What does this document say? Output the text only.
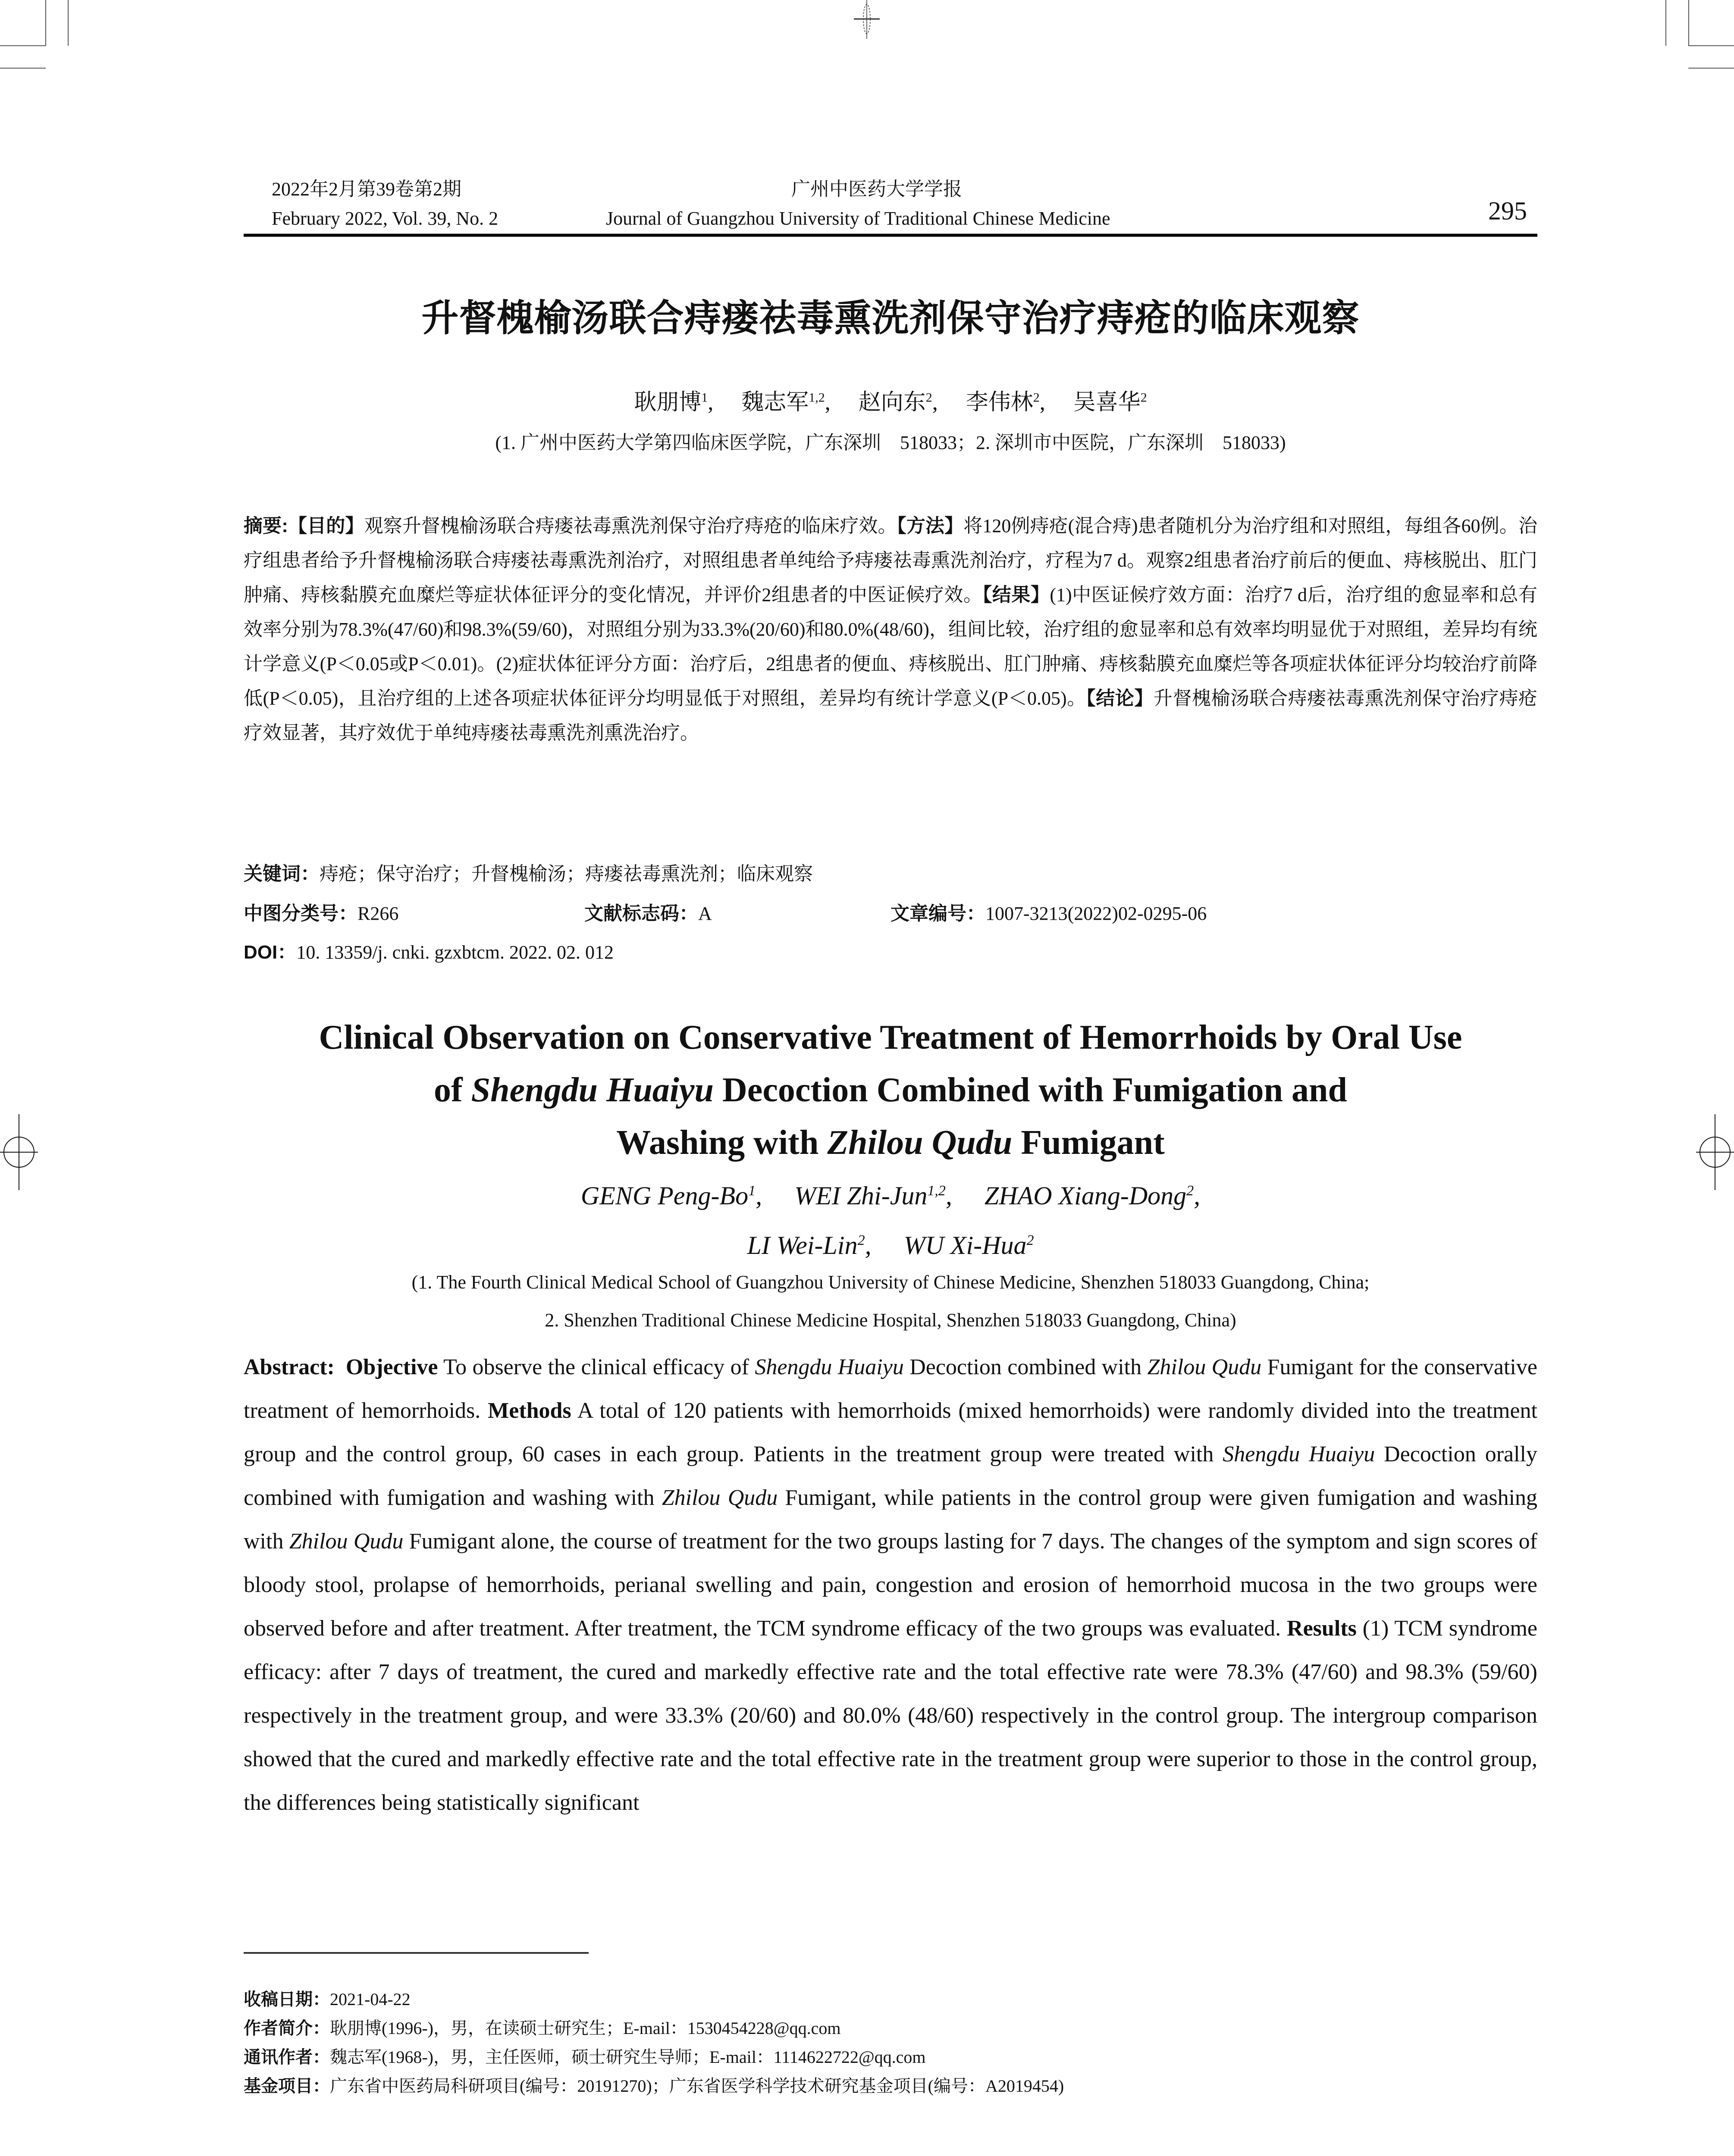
2022年2月第39卷第2期
February 2022, Vol. 39, No. 2
广州中医药大学学报
Journal of Guangzhou University of Traditional Chinese Medicine	295
升督槐榆汤联合痔瘘祛毒熏洗剂保守治疗痔疮的临床观察
耿朋博$^1$,  魏志军$^{1,2}$,  赵向东$^2$,  李伟林$^2$,  吴喜华$^2$
(1. 广州中医药大学第四临床医学院，广东深圳　518033；2. 深圳市中医院，广东深圳　518033)
摘要:【目的】观察升督槐榆汤联合痔瘘祛毒熏洗剂保守治疗痔疮的临床疗效。【方法】将120例痔疮(混合痔)患者随机分为治疗组和对照组，每组各60例。治疗组患者给予升督槐榆汤联合痔瘘祛毒熏洗剂治疗，对照组患者单纯给予痔瘘祛毒熏洗剂治疗，疗程为7 d。观察2组患者治疗前后的便血、痔核脱出、肛门肿痛、痔核黏膜充血糜烂等症状体征评分的变化情况，并评价2组患者的中医证候疗效。【结果】(1)中医证候疗效方面：治疗7 d后，治疗组的愈显率和总有效率分别为78.3%(47/60)和98.3%(59/60)，对照组分别为33.3%(20/60)和80.0%(48/60)，组间比较，治疗组的愈显率和总有效率均明显优于对照组，差异均有统计学意义(P＜0.05或P＜0.01)。(2)症状体征评分方面：治疗后，2组患者的便血、痔核脱出、肛门肿痛、痔核黏膜充血糜烂等各项症状体征评分均较治疗前降低(P＜0.05)，且治疗组的上述各项症状体征评分均明显低于对照组，差异均有统计学意义(P＜0.05)。【结论】升督槐榆汤联合痔瘘祛毒熏洗剂保守治疗痔疮疗效显著，其疗效优于单纯痔瘘祛毒熏洗剂熏洗治疗。
关键词：痔疮；保守治疗；升督槐榆汤；痔瘘祛毒熏洗剂；临床观察
中图分类号：R266	文献标志码：A	文章编号：1007-3213(2022)02-0295-06
DOI：10. 13359/j. cnki. gzxbtcm. 2022. 02. 012
Clinical Observation on Conservative Treatment of Hemorrhoids by Oral Use
of Shengdu Huaiyu Decoction Combined with Fumigation and
Washing with Zhilou Qudu Fumigant
GENG Peng-Bo$^1$,  WEI Zhi-Jun$^{1,2}$,  ZHAO Xiang-Dong$^2$,
LI Wei-Lin$^2$,  WU Xi-Hua$^2$
(1. The Fourth Clinical Medical School of Guangzhou University of Chinese Medicine, Shenzhen 518033 Guangdong, China;
2. Shenzhen Traditional Chinese Medicine Hospital, Shenzhen 518033 Guangdong, China)
Abstract:  Objective To observe the clinical efficacy of Shengdu Huaiyu Decoction combined with Zhilou Qudu Fumigant for the conservative treatment of hemorrhoids. Methods A total of 120 patients with hemorrhoids (mixed hemorrhoids) were randomly divided into the treatment group and the control group, 60 cases in each group. Patients in the treatment group were treated with Shengdu Huaiyu Decoction orally combined with fumigation and washing with Zhilou Qudu Fumigant, while patients in the control group were given fumigation and washing with Zhilou Qudu Fumigant alone, the course of treatment for the two groups lasting for 7 days. The changes of the symptom and sign scores of bloody stool, prolapse of hemorrhoids, perianal swelling and pain, congestion and erosion of hemorrhoid mucosa in the two groups were observed before and after treatment. After treatment, the TCM syndrome efficacy of the two groups was evaluated. Results (1) TCM syndrome efficacy: after 7 days of treatment, the cured and markedly effective rate and the total effective rate were 78.3% (47/60) and 98.3% (59/60) respectively in the treatment group, and were 33.3% (20/60) and 80.0% (48/60) respectively in the control group. The intergroup comparison showed that the cured and markedly effective rate and the total effective rate in the treatment group were superior to those in the control group, the differences being statistically significant
收稿日期：2021-04-22
作者简介：耿朋博(1996-)，男，在读硕士研究生；E-mail：1530454228@qq.com
通讯作者：魏志军(1968-)，男，主任医师，硕士研究生导师；E-mail：1114622722@qq.com
基金项目：广东省中医药局科研项目(编号：20191270)；广东省医学科学技术研究基金项目(编号：A2019454)
